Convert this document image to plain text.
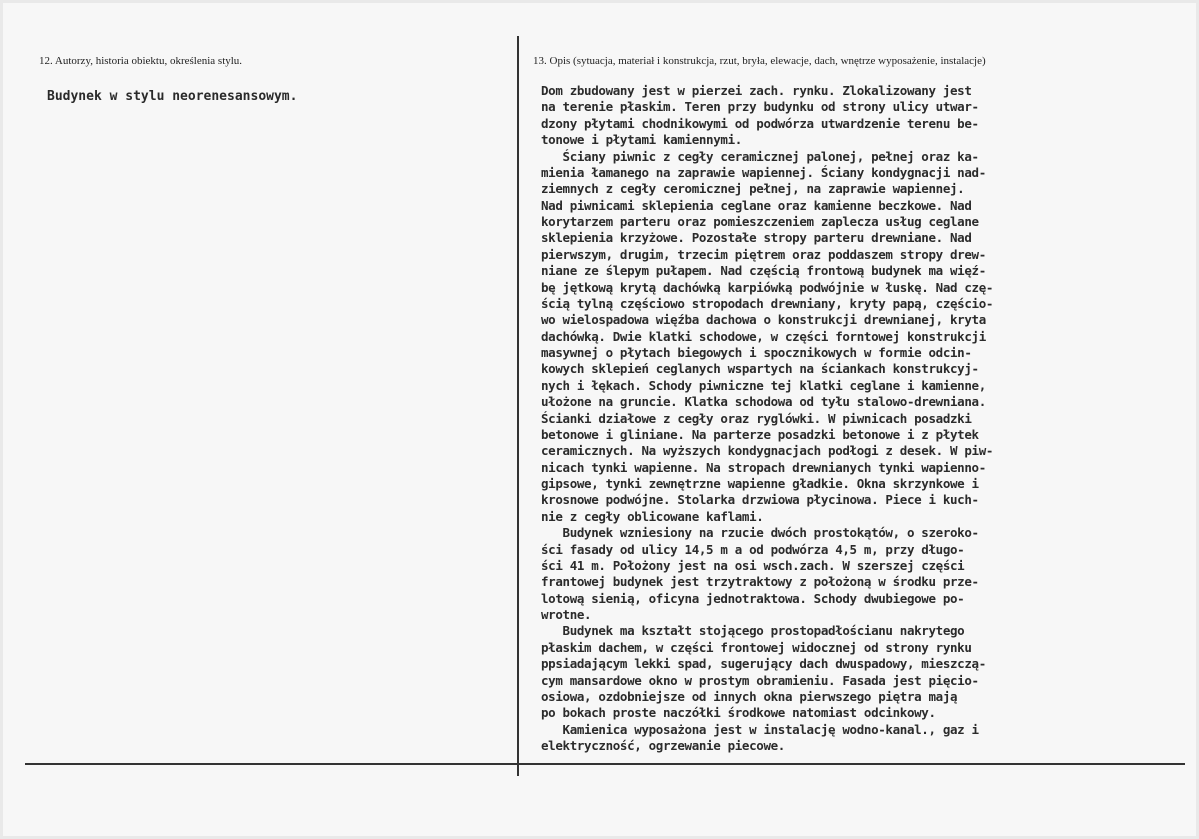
12. Autorzy, historia obiektu, określenia stylu.
Budynek w stylu neorenesansowym.
13. Opis (sytuacja, materiał i konstrukcja, rzut, bryła, elewacje, dach, wnętrze wyposażenie, instalacje)
Dom zbudowany jest w pierzei zach. rynku. Zlokalizowany jest
na terenie płaskim. Teren przy budynku od strony ulicy utwar-
dzony płytami chodnikowymi od podwórza utwardzenie terenu be-
tonowe i płytami kamiennymi.
Ściany piwnic z cegły ceramicznej palonej, pełnej oraz ka-
mienia łamanego na zaprawie wapiennej. Ściany kondygnacji nad-
ziemnych z cegły ceromicznej pełnej, na zaprawie wapiennej.
Nad piwnicami sklepienia ceglane oraz kamienne beczkowe. Nad
korytarzem parteru oraz pomieszczeniem zaplecza usług ceglane
sklepienia krzyżowe. Pozostałe stropy parteru drewniane. Nad
pierwszym, drugim, trzecim piętrem oraz poddaszem stropy drew-
niane ze ślepym pułapem. Nad częścią frontową budynek ma więź-
bę jętkową krytą dachówką karpiówką podwójnie w łuskę. Nad czę-
ścią tylną częściowo stropodach drewniany, kryty papą, częścio-
wo wielospadowa więźba dachowa o konstrukcji drewnianej, kryta
dachówką. Dwie klatki schodowe, w części forntowej konstrukcji
masywnej o płytach biegowych i spocznikowych w formie odcin-
kowych sklepień ceglanych wspartych na ściankach konstrukcyj-
nych i łękach. Schody piwniczne tej klatki ceglane i kamienne,
ułożone na gruncie. Klatka schodowa od tyłu stalowo-drewniana.
Ścianki działowe z cegły oraz ryglówki. W piwnicach posadzki
betonowe i gliniane. Na parterze posadzki betonowe i z płytek
ceramicznych. Na wyższych kondygnacjach podłogi z desek. W piw-
nicach tynki wapienne. Na stropach drewnianych tynki wapienno-
gipsowe, tynki zewnętrzne wapienne gładkie. Okna skrzynkowe i
krosnowe podwójne. Stolarka drzwiowa płycinowa. Piece i kuch-
nie z cegły oblicowane kaflami.
Budynek wzniesiony na rzucie dwóch prostokątów, o szeroko-
ści fasady od ulicy 14,5 m a od podwórza 4,5 m, przy długo-
ści 41 m. Położony jest na osi wsch.zach. W szerszej części
frantowej budynek jest trzytraktowy z położoną w środku prze-
lotową sienią, oficyna jednotraktowa. Schody dwubiegowe po-
wrotne.
Budynek ma kształt stojącego prostopadłościanu nakrytego
płaskim dachem, w części frontowej widocznej od strony rynku
ppsiadającym lekki spad, sugerujący dach dwuspadowy, mieszczą-
cym mansardowe okno w prostym obramieniu. Fasada jest pięcio-
osiowa, ozdobniejsze od innych okna pierwszego piętra mają
po bokach proste naczółki środkowe natomiast odcinkowy.
Kamienica wyposażona jest w instalację wodno-kanal., gaz i
elektryczność, ogrzewanie piecowe.
